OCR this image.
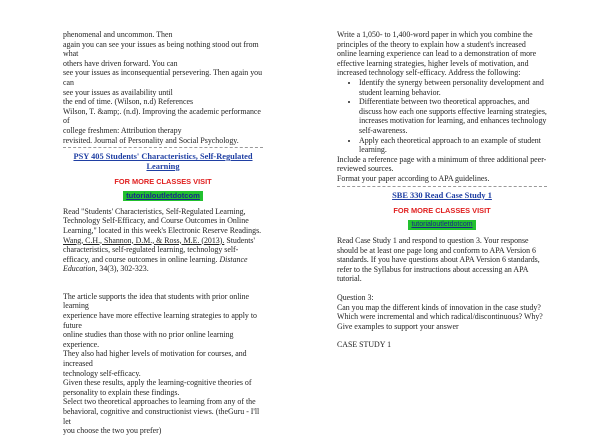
phenomenal and uncommon. Then

again you can see your issues as being nothing stood out from what

others have driven forward. You can

see your issues as inconsequential persevering. Then again you can

see your issues as availability until

the end of time. (Wilson, n.d) References

Wilson, T. &amp;. (n.d). Improving the academic performance of

college freshmen: Attribution therapy

revisited. Journal of Personality and Social Psychology.

PSY 405 Students' Characteristics, Self-Regulated Learning
FOR MORE CLASSES VISIT
tutorialoutletdotcom

Read "Students' Characteristics, Self-Regulated Learning, Technology Self-Efficacy, and Course Outcomes in Online Learning," located in this week's Electronic Reserve Readings.

Wang, C.H., Shannon, D.M., & Ross, M.E. (2013). Students' characteristics, self-regulated learning, technology self-efficacy, and course outcomes in online learning. Distance Education, 34(3), 302-323.

The article supports the idea that students with prior online learning

experience have more effective learning strategies to apply to future

online studies than those with no prior online learning experience.

They also had higher levels of motivation for courses, and increased

technology self-efficacy.

Given these results, apply the learning-cognitive theories of

personality to explain these findings.

Select two theoretical approaches to learning from any of the

behavioral, cognitive and constructionist views. (theGuru - I'll let

you choose the two you prefer)

Write a 1,050- to 1,400-word paper in which you combine the principles of the theory to explain how a student's increased online learning experience can lead to a demonstration of more effective learning strategies, higher levels of motivation, and increased technology self-efficacy. Address the following:

• Identify the synergy between personality development and student learning behavior.
• Differentiate between two theoretical approaches, and discuss how each one supports effective learning strategies, increases motivation for learning, and enhances technology self-awareness.
• Apply each theoretical approach to an example of student learning.

Include a reference page with a minimum of three additional peer-reviewed sources.

Format your paper according to APA guidelines.

SBE 330 Read Case Study 1
FOR MORE CLASSES VISIT
tutorialoutletdotcom

Read Case Study 1 and respond to question 3. Your response should be at least one page long and conform to APA Version 6 standards. If you have questions about APA Version 6 standards, refer to the Syllabus for instructions about accessing an APA tutorial.

Question 3:

Can you map the different kinds of innovation in the case study? Which were incremental and which radical/discontinuous? Why? Give examples to support your answer

CASE STUDY 1
